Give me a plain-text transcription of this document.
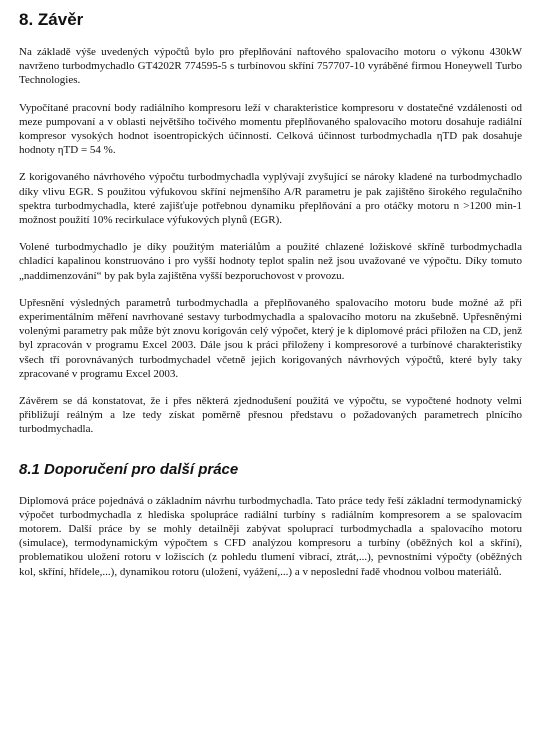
8. Závěr

Na základě výše uvedených výpočtů bylo pro přeplňování naftového spalovacího motoru o výkonu 430kW navrženo turbodmychadlo GT4202R 774595-5 s turbínovou skříní 757707-10 vyráběné firmou Honeywell Turbo Technologies.

Vypočítané pracovní body radiálního kompresoru leží v charakteristice kompresoru v dostatečné vzdálenosti od meze pumpovaní a v oblasti největšího točivého momentu přeplňovaného spalovacího motoru dosahuje radiální kompresor vysokých hodnot isoentropických účinností. Celková účinnost turbodmychadla ηTD pak dosahuje hodnoty ηTD = 54 %.

Z korigovaného návrhového výpočtu turbodmychadla vyplývají zvyšující se nároky kladené na turbodmychadlo díky vlivu EGR. S použitou výfukovou skříní nejmenšího A/R parametru je pak zajištěno širokého regulačního spektra turbodmychadla, které zajišťuje potřebnou dynamiku přeplňování a pro otáčky motoru n >1200 min-1 možnost použití 10% recirkulace výfukových plynů (EGR).

Volené turbodmychadlo je díky použitým materiálům a použité chlazené ložiskové skříně turbodmychadla chladící kapalinou konstruováno i pro vyšší hodnoty teplot spalin než jsou uvažované ve výpočtu. Díky tomuto „naddimenzování“ by pak byla zajištěna vyšší bezporuchovost v provozu.

Upřesnění výsledných parametrů turbodmychadla a přeplňovaného spalovacího motoru bude možné až při experimentálním měření navrhované sestavy turbodmychadla a spalovacího motoru na zkušebně. Upřesněnými volenými parametry pak může být znovu korigován celý výpočet, který je k diplomové práci přiložen na CD, jenž byl zpracován v programu Excel 2003. Dále jsou k práci přiloženy i kompresorové a turbínové charakteristiky všech tří porovnávaných turbodmychadel včetně jejich korigovaných návrhových výpočtů, které byly taky zpracované v programu Excel 2003.

Závěrem se dá konstatovat, že i přes některá zjednodušení použitá ve výpočtu, se vypočtené hodnoty velmi přibližují reálným a lze tedy získat poměrně přesnou představu o požadovaných parametrech plnícího turbodmychadla.

8.1 Doporučení pro další práce

Diplomová práce pojednává o základním návrhu turbodmychadla. Tato práce tedy řeší základní termodynamický výpočet turbodmychadla z hlediska spolupráce radiální turbíny s radiálním kompresorem a se spalovacím motorem. Další práce by se mohly detailněji zabývat spoluprací turbodmychadla a spalovacího motoru (simulace), termodynamickým výpočtem s CFD analýzou kompresoru a turbíny (oběžných kol a skříní), problematikou uložení rotoru v ložiscích (z pohledu tlumení vibrací, ztrát,...), pevnostními výpočty (oběžných kol, skříní, hřídele,...), dynamikou rotoru (uložení, vyážení,...) a v neposlední řadě vhodnou volbou materiálů.
